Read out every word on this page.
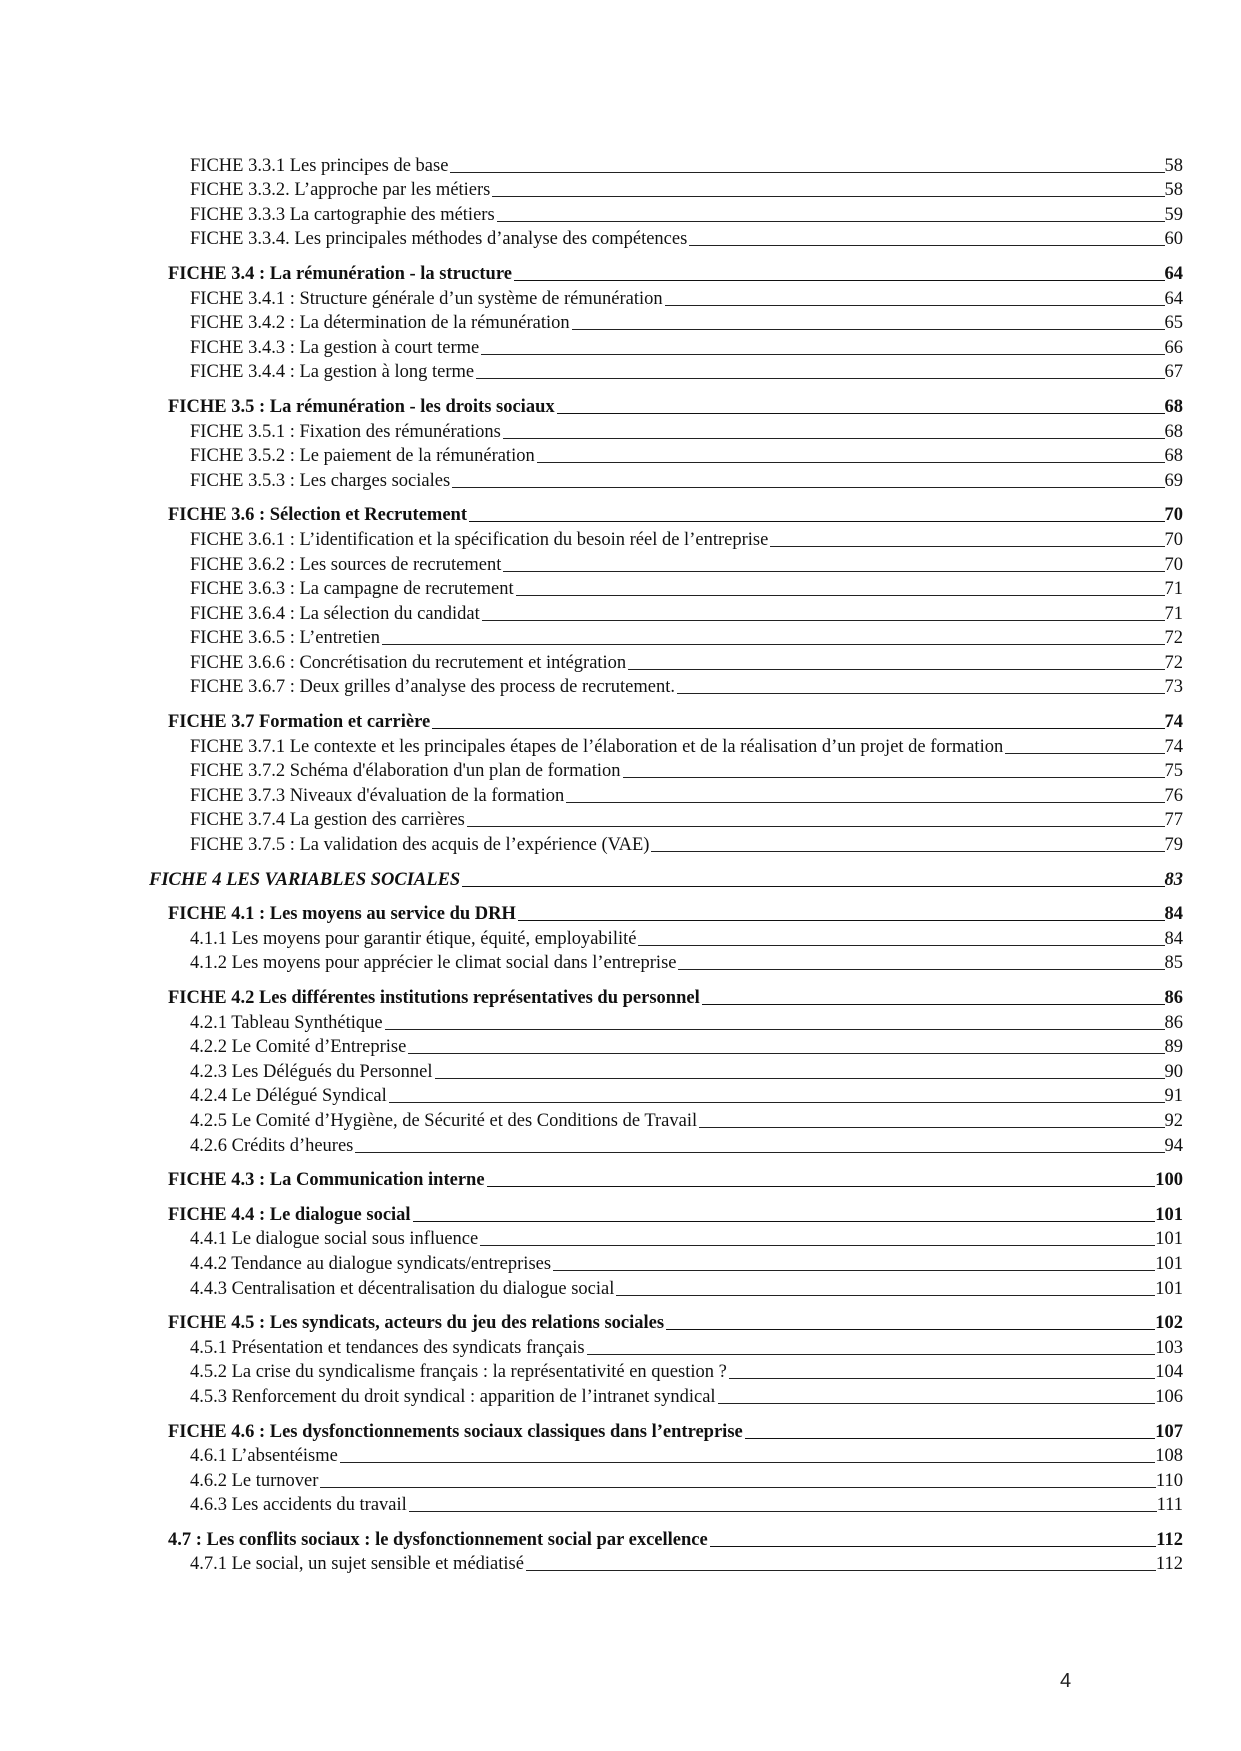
FICHE 3.3.1 Les principes de base	58
FICHE 3.3.2. L’approche par les métiers	58
FICHE 3.3.3 La cartographie des métiers	59
FICHE 3.3.4. Les principales méthodes d’analyse des compétences	60
FICHE 3.4 : La rémunération - la structure	64
FICHE 3.4.1 : Structure générale d’un système de rémunération	64
FICHE 3.4.2 : La détermination de la rémunération	65
FICHE 3.4.3 : La gestion à court terme	66
FICHE 3.4.4 : La gestion à long terme	67
FICHE 3.5 : La rémunération - les droits sociaux	68
FICHE 3.5.1 : Fixation des rémunérations	68
FICHE 3.5.2 : Le paiement de la rémunération	68
FICHE 3.5.3 : Les charges sociales	69
FICHE 3.6 : Sélection et Recrutement	70
FICHE 3.6.1 : L’identification et la spécification du besoin réel de l’entreprise	70
FICHE 3.6.2 : Les sources de recrutement	70
FICHE 3.6.3 : La campagne de recrutement	71
FICHE 3.6.4 : La sélection du candidat	71
FICHE 3.6.5 : L’entretien	72
FICHE 3.6.6 : Concrétisation du recrutement et intégration	72
FICHE 3.6.7 : Deux grilles d’analyse des process de recrutement.	73
FICHE 3.7 Formation et carrière	74
FICHE 3.7.1 Le contexte et les principales étapes de l’élaboration et de la réalisation d’un projet de formation	74
FICHE 3.7.2 Schéma d'élaboration d'un plan de formation	75
FICHE 3.7.3 Niveaux d'évaluation de la formation	76
FICHE 3.7.4 La gestion des carrières	77
FICHE 3.7.5 : La validation des acquis de l’expérience (VAE)	79
FICHE 4 LES VARIABLES SOCIALES	83
FICHE 4.1 : Les moyens au service du DRH	84
4.1.1 Les moyens pour garantir étique, équité, employabilité	84
4.1.2 Les moyens pour apprécier le climat social dans l’entreprise	85
FICHE 4.2 Les différentes institutions représentatives du personnel	86
4.2.1 Tableau Synthétique	86
4.2.2 Le Comité d’Entreprise	89
4.2.3 Les Délégués du Personnel	90
4.2.4 Le Délégué Syndical	91
4.2.5 Le Comité d’Hygiène, de Sécurité et des Conditions de Travail	92
4.2.6 Crédits d’heures	94
FICHE 4.3 : La Communication interne	100
FICHE 4.4 : Le dialogue social	101
4.4.1 Le dialogue social sous influence	101
4.4.2 Tendance au dialogue syndicats/entreprises	101
4.4.3 Centralisation et décentralisation du dialogue social	101
FICHE 4.5 : Les syndicats, acteurs du jeu des relations sociales	102
4.5.1 Présentation et tendances des syndicats français	103
4.5.2 La crise du syndicalisme français : la représentativité en question ?	104
4.5.3 Renforcement du droit syndical : apparition de l’intranet syndical	106
FICHE 4.6 : Les dysfonctionnements sociaux classiques dans l’entreprise	107
4.6.1 L’absentéisme	108
4.6.2 Le turnover	110
4.6.3 Les accidents du travail	111
4.7 : Les conflits sociaux : le dysfonctionnement social par excellence	112
4.7.1 Le social, un sujet sensible et médiatisé	112
4
